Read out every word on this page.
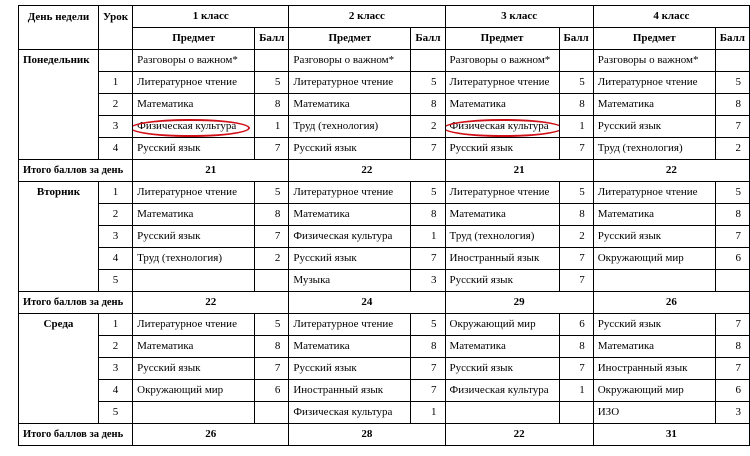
День недели	Урок	1 класс		2 класс		3 класс		4 класс	
		Предмет	Балл	Предмет	Балл	Предмет	Балл	Предмет	Балл
Понедельник		Разговоры о важном*		Разговоры о важном*		Разговоры о важном*		Разговоры о важном*	
	1	Литературное чтение	5	Литературное чтение	5	Литературное чтение	5	Литературное чтение	5
	2	Математика	8	Математика	8	Математика	8	Математика	8
	3	Физическая культура	1	Труд (технология)	2	Физическая культура	1	Русский язык	7
	4	Русский язык	7	Русский язык	7	Русский язык	7	Труд (технология)	2
Итого баллов за день		21		22		21		22	
Вторник	1	Литературное чтение	5	Литературное чтение	5	Литературное чтение	5	Литературное чтение	5
	2	Математика	8	Математика	8	Математика	8	Математика	8
	3	Русский язык	7	Физическая культура	1	Труд (технология)	2	Русский язык	7
	4	Труд (технология)	2	Русский язык	7	Иностранный язык	7	Окружающий мир	6
	5			Музыка	3	Русский язык	7		
Итого баллов за день		22		24		29		26	
Среда	1	Литературное чтение	5	Литературное чтение	5	Окружающий мир	6	Русский язык	7
	2	Математика	8	Математика	8	Математика	8	Математика	8
	3	Русский язык	7	Русский язык	7	Русский язык	7	Иностранный язык	7
	4	Окружающий мир	6	Иностранный язык	7	Физическая культура	1	Окружающий мир	6
	5			Физическая культура	1			ИЗО	3
Итого баллов за день		26		28		22		31	
